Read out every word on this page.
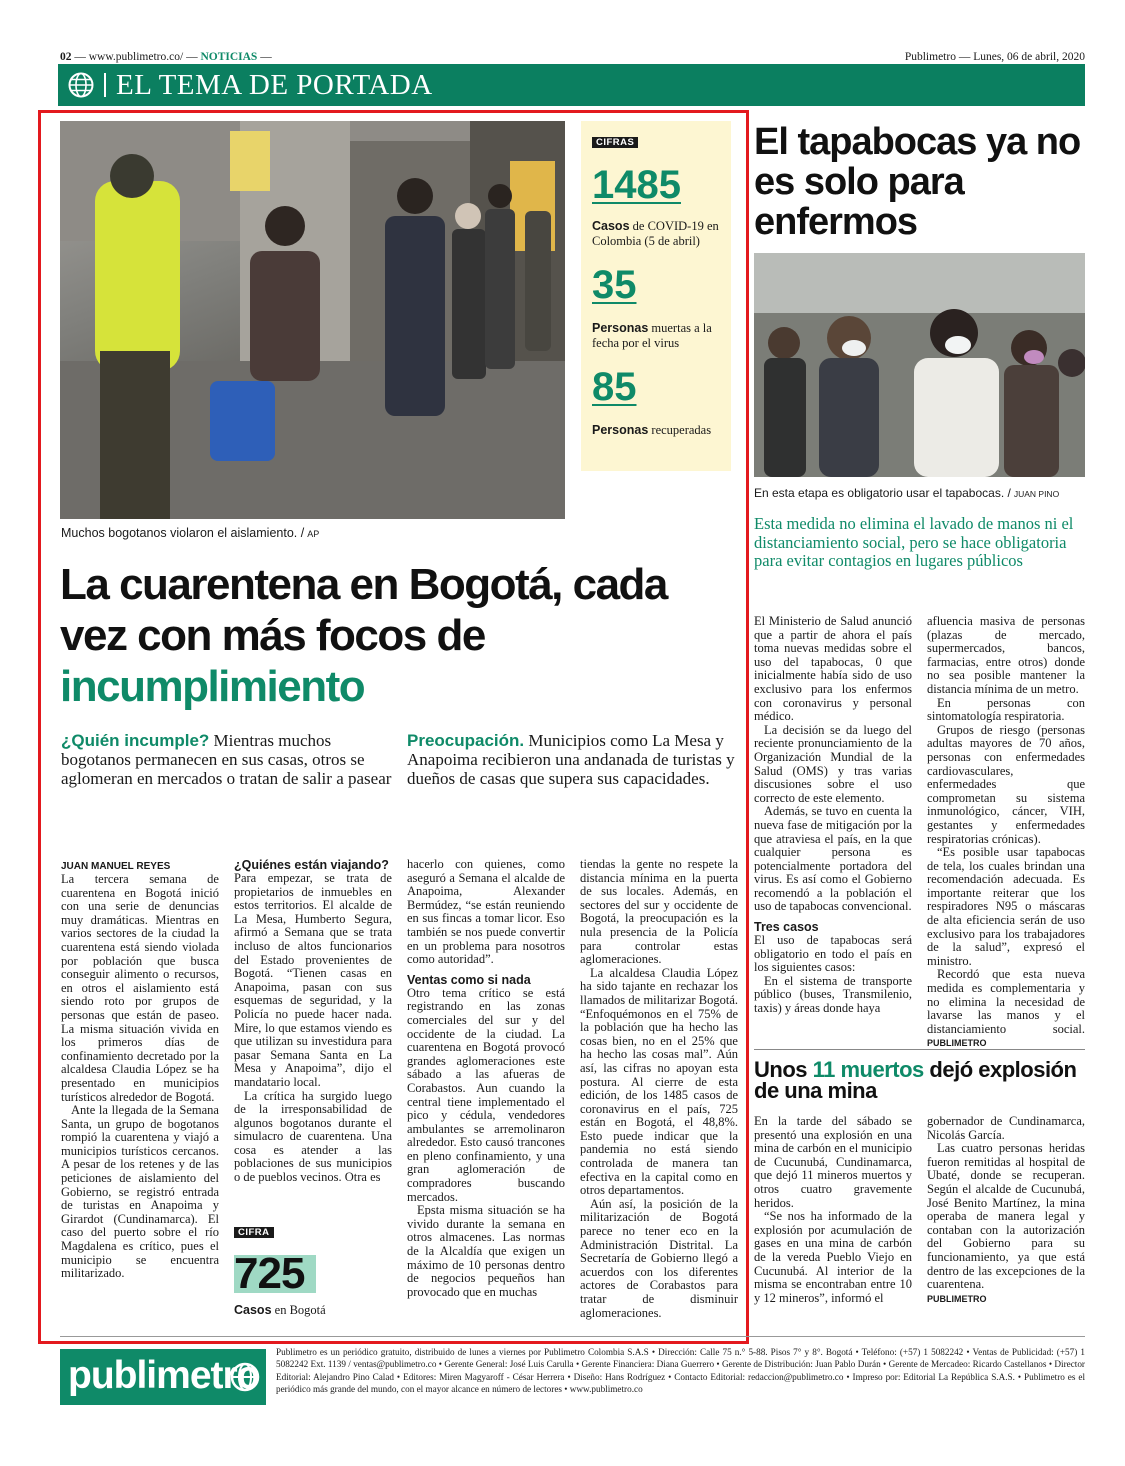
02 — www.publimetro.co/ — NOTICIAS —	Publimetro — Lunes, 06 de abril, 2020
EL TEMA DE PORTADA
Muchos bogotanos violaron el aislamiento. / AP
CIFRAS
1485
Casos de COVID-19 en Colombia (5 de abril)
35
Personas muertas a la fecha por el virus
85
Personas recuperadas
La cuarentena en Bogotá, cada vez con más focos de incumplimiento
¿Quién incumple? Mientras muchos bogotanos permanecen en sus casas, otros se aglomeran en mercados o tratan de salir a pasear
Preocupación. Municipios como La Mesa y Anapoima recibieron una andanada de turistas y dueños de casas que supera sus capacidades.
JUAN MANUEL REYES

La tercera semana de cuarentena en Bogotá inició con una serie de denuncias muy dramáticas. Mientras en varios sectores de la ciudad la cuarentena está siendo violada por población que busca conseguir alimento o recursos, en otros el aislamiento está siendo roto por grupos de personas que están de paseo. La misma situación vivida en los primeros días de confinamiento decretado por la alcaldesa Claudia López se ha presentado en municipios turísticos alrededor de Bogotá.

Ante la llegada de la Semana Santa, un grupo de bogotanos rompió la cuarentena y viajó a municipios turísticos cercanos. A pesar de los retenes y de las peticiones de aislamiento del Gobierno, se registró entrada de turistas en Anapoima y Girardot (Cundinamarca). El caso del puerto sobre el río Magdalena es crítico, pues el municipio se encuentra militarizado.

¿Quiénes están viajando?

Para empezar, se trata de propietarios de inmuebles en estos territorios. El alcalde de La Mesa, Humberto Segura, afirmó a Semana que se trata incluso de altos funcionarios del Estado provenientes de Bogotá. “Tienen casas en Anapoima, pasan con sus esquemas de seguridad, y la Policía no puede hacer nada. Mire, lo que estamos viendo es que utilizan su investidura para pasar Semana Santa en La Mesa y Anapoima”, dijo el mandatario local.

La crítica ha surgido luego de la irresponsabilidad de algunos bogotanos durante el simulacro de cuarentena. Una cosa es atender a las poblaciones de sus municipios o de pueblos vecinos. Otra es

CIFRA
725
Casos en Bogotá

hacerlo con quienes, como aseguró a Semana el alcalde de Anapoima, Alexander Bermúdez, “se están reuniendo en sus fincas a tomar licor. Eso también se nos puede convertir en un problema para nosotros como autoridad”.

Ventas como si nada

Otro tema crítico se está registrando en las zonas comerciales del sur y del occidente de la ciudad. La cuarentena en Bogotá provocó grandes aglomeraciones este sábado a las afueras de Corabastos. Aun cuando la central tiene implementado el pico y cédula, vendedores ambulantes se arremolinaron alrededor. Esto causó trancones en pleno confinamiento, y una gran aglomeración de compradores buscando mercados.

Epsta misma situación se ha vivido durante la semana en otros almacenes. Las normas de la Alcaldía que exigen un máximo de 10 personas dentro de negocios pequeños han provocado que en muchas

tiendas la gente no respete la distancia mínima en la puerta de sus locales. Además, en sectores del sur y occidente de Bogotá, la preocupación es la nula presencia de la Policía para controlar estas aglomeraciones.

La alcaldesa Claudia López ha sido tajante en rechazar los llamados de militarizar Bogotá. “Enfoquémonos en el 75% de la población que ha hecho las cosas bien, no en el 25% que ha hecho las cosas mal”. Aún así, las cifras no apoyan esta postura. Al cierre de esta edición, de los 1485 casos de coronavirus en el país, 725 están en Bogotá, el 48,8%. Esto puede indicar que la pandemia no está siendo controlada de manera tan efectiva en la capital como en otros departamentos.

Aún así, la posición de la militarización de Bogotá parece no tener eco en la Administración Distrital. La Secretaría de Gobierno llegó a acuerdos con los diferentes actores de Corabastos para tratar de disminuir aglomeraciones.

El tapabocas ya no es solo para enfermos
En esta etapa es obligatorio usar el tapabocas. / JUAN PINO
Esta medida no elimina el lavado de manos ni el distanciamiento social, pero se hace obligatoria para evitar contagios en lugares públicos

El Ministerio de Salud anunció que a partir de ahora el país toma nuevas medidas sobre el uso del tapabocas, 0 que inicialmente había sido de uso exclusivo para los enfermos con coronavirus y personal médico.

La decisión se da luego del reciente pronunciamiento de la Organización Mundial de la Salud (OMS) y tras varias discusiones sobre el uso correcto de este elemento.

Además, se tuvo en cuenta la nueva fase de mitigación por la que atraviesa el país, en la que cualquier persona es potencialmente portadora del virus. Es así como el Gobierno recomendó a la población el uso de tapabocas convencional.

Tres casos

El uso de tapabocas será obligatorio en todo el país en los siguientes casos:

En el sistema de transporte público (buses, Transmilenio, taxis) y áreas donde haya

afluencia masiva de personas (plazas de mercado, supermercados, bancos, farmacias, entre otros) donde no sea posible mantener la distancia mínima de un metro.

En personas con sintomatología respiratoria.

Grupos de riesgo (personas adultas mayores de 70 años, personas con enfermedades cardiovasculares, enfermedades que comprometan su sistema inmunológico, cáncer, VIH, gestantes y enfermedades respiratorias crónicas).

“Es posible usar tapabocas de tela, los cuales brindan una recomendación adecuada. Es importante reiterar que los respiradores N95 o máscaras de alta eficiencia serán de uso exclusivo para los trabajadores de la salud”, expresó el ministro.

Recordó que esta nueva medida es complementaria y no elimina la necesidad de lavarse las manos y el distanciamiento social. PUBLIMETRO

Unos 11 muertos dejó explosión de una mina

En la tarde del sábado se presentó una explosión en una mina de carbón en el municipio de Cucunubá, Cundinamarca, que dejó 11 mineros muertos y otros cuatro gravemente heridos.

“Se nos ha informado de la explosión por acumulación de gases en una mina de carbón de la vereda Pueblo Viejo en Cucunubá. Al interior de la misma se encontraban entre 10 y 12 mineros”, informó el

gobernador de Cundinamarca, Nicolás García.

Las cuatro personas heridas fueron remitidas al hospital de Ubaté, donde se recuperan. Según el alcalde de Cucunubá, José Benito Martínez, la mina operaba de manera legal y contaban con la autorización del Gobierno para su funcionamiento, ya que está dentro de las excepciones de la cuarentena.

PUBLIMETRO

publimetro
Publimetro es un periódico gratuito, distribuido de lunes a viernes por Publimetro Colombia S.A.S • Dirección: Calle 75 n.° 5-88. Pisos 7° y 8°. Bogotá • Teléfono: (+57) 1 5082242 • Ventas de Publicidad: (+57) 1 5082242 Ext. 1139 / ventas@publimetro.co • Gerente General: José Luis Carulla • Gerente Financiera: Diana Guerrero • Gerente de Distribución: Juan Pablo Durán • Gerente de Mercadeo: Ricardo Castellanos • Director Editorial: Alejandro Pino Calad • Editores: Miren Magyaroff - César Herrera • Diseño: Hans Rodríguez • Contacto Editorial: redaccion@publimetro.co • Impreso por: Editorial La República S.A.S. • Publimetro es el periódico más grande del mundo, con el mayor alcance en número de lectores • www.publimetro.co
